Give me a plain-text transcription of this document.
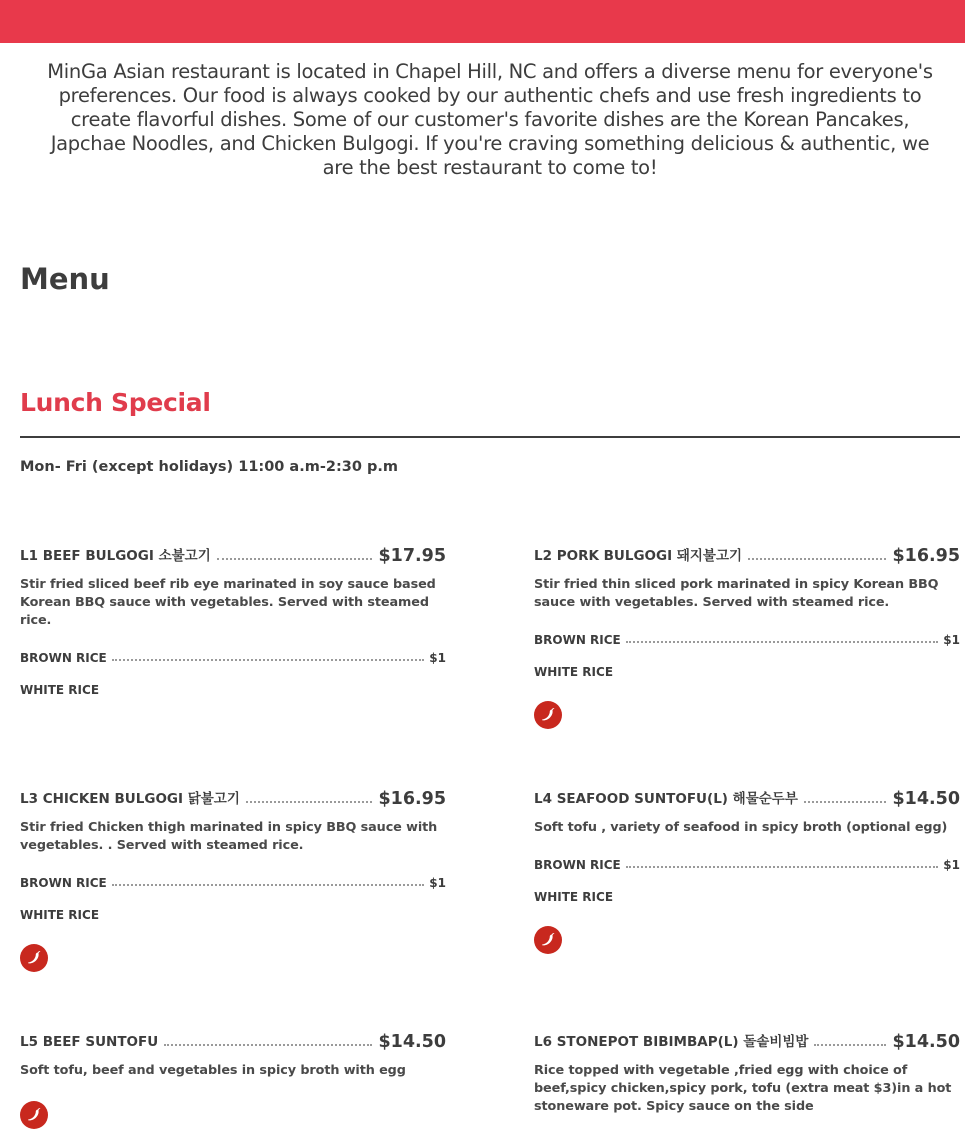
MinGa Asian restaurant is located in Chapel Hill, NC and offers a diverse menu for everyone's preferences. Our food is always cooked by our authentic chefs and use fresh ingredients to create flavorful dishes. Some of our customer's favorite dishes are the Korean Pancakes, Japchae Noodles, and Chicken Bulgogi. If you're craving something delicious & authentic, we are the best restaurant to come to!

Menu
Lunch Special

Mon- Fri (except holidays) 11:00 a.m-2:30 p.m

L1 BEEF BULGOGI 소불고기	$17.95

Stir fried sliced beef rib eye marinated in soy sauce based Korean BBQ sauce with vegetables. Served with steamed rice.

BROWN RICE	$1
WHITE RICE
L2 PORK BULGOGI 돼지불고기	$16.95

Stir fried thin sliced pork marinated in spicy Korean BBQ sauce with vegetables. Served with steamed rice.

BROWN RICE	$1
WHITE RICE
L3 CHICKEN BULGOGI 닭불고기	$16.95

Stir fried Chicken thigh marinated in spicy BBQ sauce with vegetables. . Served with steamed rice.

BROWN RICE	$1
WHITE RICE
L4 SEAFOOD SUNTOFU(L) 해물순두부	$14.50

Soft tofu , variety of seafood in spicy broth (optional egg)

BROWN RICE	$1
WHITE RICE
L5 BEEF SUNTOFU	$14.50

Soft tofu, beef and vegetables in spicy broth with egg

L6 STONEPOT BIBIMBAP(L) 돌솥비빔밥	$14.50

Rice topped with vegetable ,fried egg with choice of beef,spicy chicken,spicy pork, tofu (extra meat $3)in a hot stoneware pot. Spicy sauce on the side
